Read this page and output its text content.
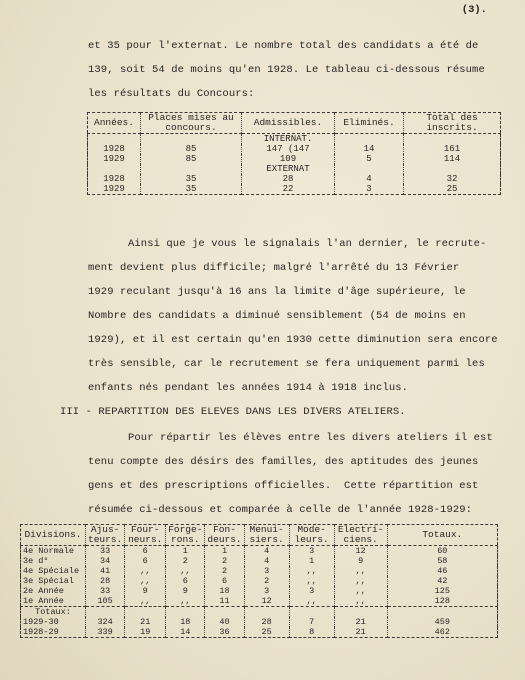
(3).
et 35 pour l'externat. Le nombre total des candidats a été de
139, soit 54 de moins qu'en 1928. Le tableau ci-dessous résume
les résultats du Concours:
Années.	Places mises au concours.	Admissibles.	Eliminés.	Total des inscrits.
		INTERNAT.		
1928	85	147 (147	14	161
1929	85	109	5	114
		EXTERNAT		
1928	35	28	4	32
1929	35	22	3	25
Ainsi que je vous le signalais l'an dernier, le recrute-
ment devient plus difficile; malgré l'arrêté du 13 Février
1929 reculant jusqu'à 16 ans la limite d'âge supérieure, le
Nombre des candidats a diminué sensiblement (54 de moins en
1929), et il est certain qu'en 1930 cette diminution sera encore
très sensible, car le recrutement se fera uniquement parmi les
enfants nés pendant les années 1914 à 1918 inclus.
III - REPARTITION DES ELEVES DANS LES DIVERS ATELIERS.
Pour répartir les élèves entre les divers ateliers il est
tenu compte des désirs des familles, des aptitudes des jeunes
gens et des prescriptions officielles.  Cette répartition est
résumée ci-dessous et comparée à celle de l'année 1928-1929:
Divisions.	Ajus-teurs.	Four-neurs.	Forge-rons.	Fon-deurs.	Menui-siers.	Mode-leurs.	Electri-ciens.	Totaux.
4e Normale	33	6	1	1	4	3	12	60
3e d°	34	6	2	2	4	1	9	58
4e Spéciale	41	,,	,,	2	3	,,	,,	46
3e Spécial	28	,,	6	6	2	,,	,,	42
2e Année	33	9	9	18	3	3	,,	125
1e Année	105	,,	,,	11	12	,,	,,	128
Totaux:								
1929-30	324	21	18	40	28	7	21	459
1928-29	339	19	14	36	25	8	21	462
